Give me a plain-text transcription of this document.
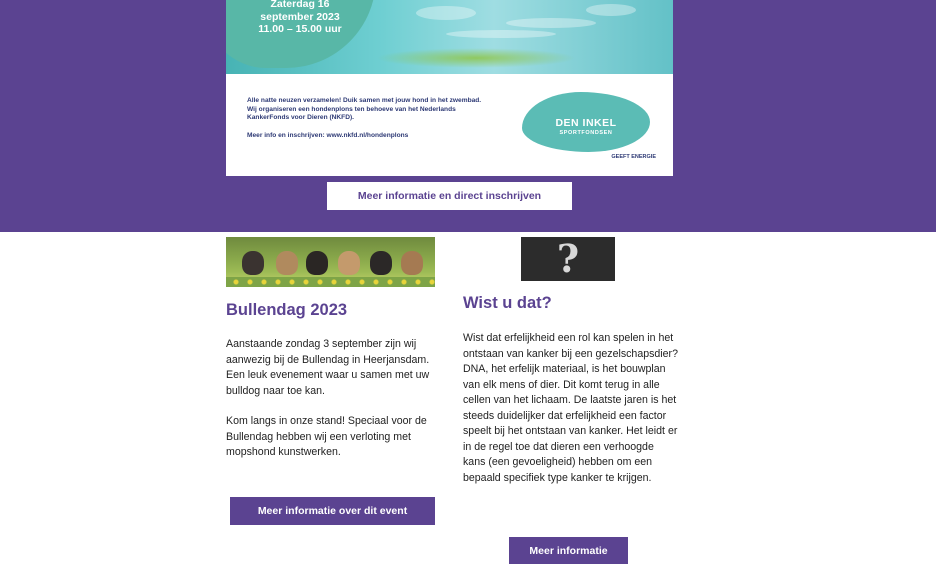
Zaterdag 16
september 2023
11.00 – 15.00 uur

Alle natte neuzen verzamelen! Duik samen met jouw hond in het zwembad. Wij organiseren een hondenplons ten behoeve van het Nederlands KankerFonds voor Dieren (NKFD).

Meer info en inschrijven: www.nkfd.nl/hondenplons

DEN INKEL
SPORTFONDSEN
GEEFT ENERGIE
Meer informatie en direct inschrijven
Bullendag 2023

Aanstaande zondag 3 september zijn wij aanwezig bij de Bullendag in Heerjansdam. Een leuk evenement waar u samen met uw bulldog naar toe kan.

Kom langs in onze stand! Speciaal voor de Bullendag hebben wij een verloting met mopshond kunstwerken.

Meer informatie over dit event
?
Wist u dat?

Wist dat erfelijkheid een rol kan spelen in het ontstaan van kanker bij een gezelschapsdier? DNA, het erfelijk materiaal, is het bouwplan van elk mens of dier. Dit komt terug in alle cellen van het lichaam. De laatste jaren is het steeds duidelijker dat erfelijkheid een factor speelt bij het ontstaan van kanker. Het leidt er in de regel toe dat dieren een verhoogde kans (een gevoeligheid) hebben om een bepaald specifiek type kanker te krijgen.

Meer informatie
